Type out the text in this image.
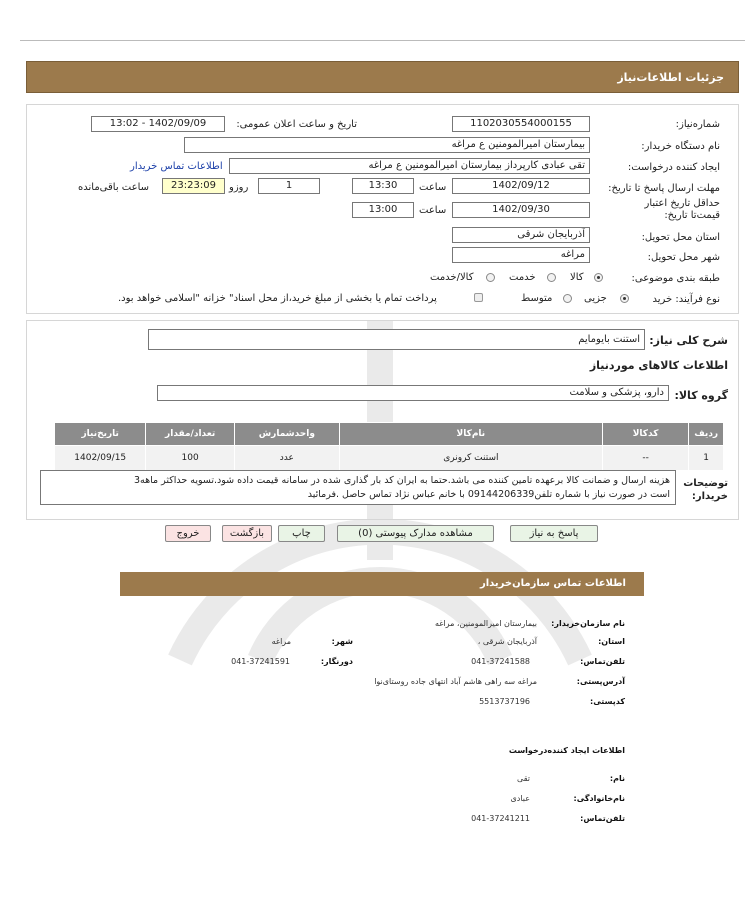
جزئیات اطلاعات‌نیاز
شماره‌نیاز:
1102030554000155
تاریخ و ساعت اعلان عمومی:
1402/09/09 - 13:02
نام دستگاه خریدار:
بیمارستان امیرالمومنین ع مراغه
ایجاد کننده درخواست:
تقی عبادی کارپرداز بیمارستان امیرالمومنین ع مراغه
اطلاعات تماس خریدار
مهلت ارسال پاسخ تا تاریخ:
1402/09/12
ساعت
13:30
1
روزو
23:23:09
ساعت باقی‌مانده
حداقل تاریخ اعتبار قیمت‌تا تاریخ:
1402/09/30
ساعت
13:00
استان محل تحویل:
آذربایجان شرقی
شهر محل تحویل:
مراغه
طبقه بندی موضوعی:
کالا
خدمت
کالا/خدمت
نوع فرآیند: خرید
جزیی
متوسط
پرداخت تمام یا بخشی از مبلغ خرید،از محل اسناد" خزانه "اسلامی خواهد بود.
شرح کلی نیاز:
استنت بایومایم
اطلاعات کالاهای موردنیاز
گروه کالا:
دارو، پزشکی و سلامت
ردیف	کدکالا	نام‌کالا	واحدشمارش	تعداد/مقدار	تاریخ‌نیاز
1	--	استنت کرونری	عدد	100	1402/09/15
توضیحات خریدار:
هزینه ارسال و ضمانت کالا برعهده تامین کننده می باشد.حتما به ایران کد بار گذاری شده در سامانه قیمت داده شود.تسویه حداکثر ماهه3
است در صورت نیاز با شماره تلفن09144206339 با خانم عباس نژاد تماس حاصل .فرمائید
پاسخ به نیاز
مشاهده مدارک پیوستی (0)
چاپ
بازگشت
خروج
اطلاعات تماس سازمان‌خریدار
نام سازمان‌خریدار:
بیمارستان امیرالمومنین، مراغه
استان:
آذربایجان شرقی ،
شهر:
مراغه
تلفن‌تماس:
041-37241588
دورنگار:
041-37241591
آدرس‌پستی:
مراغه سه راهی هاشم آباد انتهای جاده روستای‌نوا
کدپستی:
5513737196
اطلاعات ایجاد کننده‌درخواست
نام:
تقی
نام‌خانوادگی:
عبادی
تلفن‌تماس:
041-37241211
